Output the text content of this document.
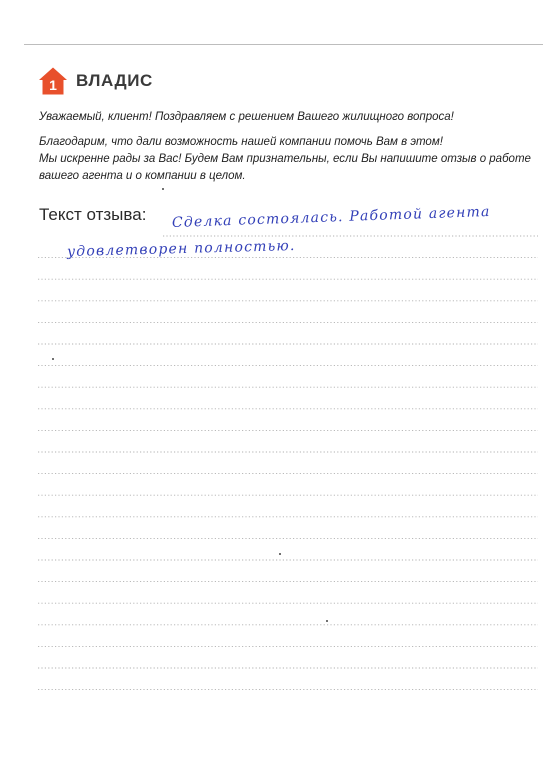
1 ВЛАДИС
Уважаемый, клиент! Поздравляем с решением Вашего жилищного вопроса!
Благодарим, что дали возможность нашей компании помочь Вам в этом!
Мы искренне рады за Вас! Будем Вам признательны, если Вы напишите отзыв о работе
вашего агента и о компании в целом.
Текст отзыва: Сделка состоялась. Работой агента
удовлетворен полностью.
